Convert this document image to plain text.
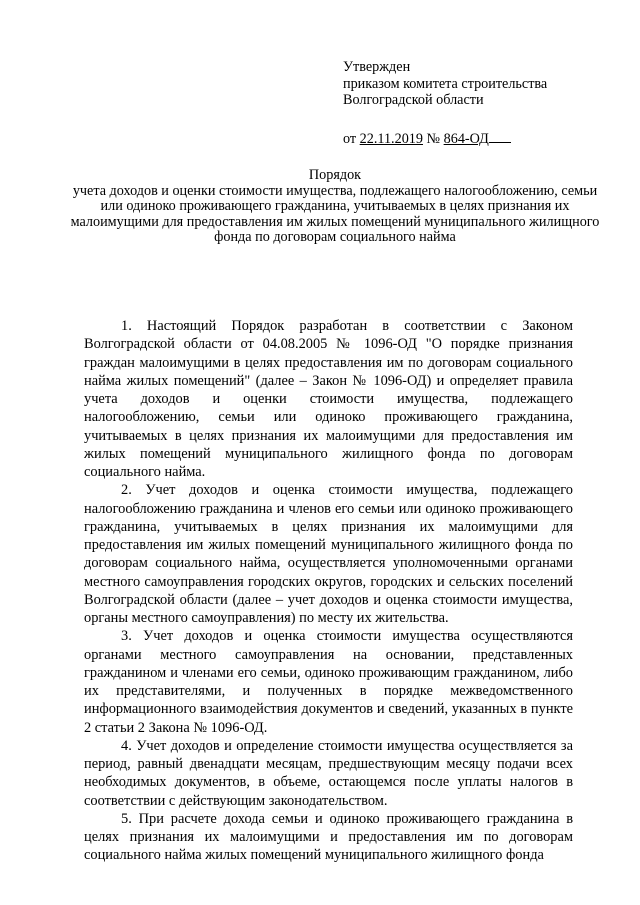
Утвержден
приказом комитета строительства
Волгоградской области
от 22.11.2019 № 864-ОД
Порядок
учета доходов и оценки стоимости имущества, подлежащего налогообложению, семьи или одиноко проживающего гражданина, учитываемых в целях признания их малоимущими для предоставления им жилых помещений муниципального жилищного фонда по договорам социального найма

1. Настоящий Порядок разработан в соответствии с Законом Волгоградской области от 04.08.2005 № 1096-ОД "О порядке признания граждан малоимущими в целях предоставления им по договорам социального найма жилых помещений" (далее – Закон № 1096-ОД) и определяет правила учета доходов и оценки стоимости имущества, подлежащего налогообложению, семьи или одиноко проживающего гражданина, учитываемых в целях признания их малоимущими для предоставления им жилых помещений муниципального жилищного фонда по договорам социального найма.

2. Учет доходов и оценка стоимости имущества, подлежащего налогообложению гражданина и членов его семьи или одиноко проживающего гражданина, учитываемых в целях признания их малоимущими для предоставления им жилых помещений муниципального жилищного фонда по договорам социального найма, осуществляется уполномоченными органами местного самоуправления городских округов, городских и сельских поселений Волгоградской области (далее – учет доходов и оценка стоимости имущества, органы местного самоуправления) по месту их жительства.

3. Учет доходов и оценка стоимости имущества осуществляются органами местного самоуправления на основании, представленных гражданином и членами его семьи, одиноко проживающим гражданином, либо их представителями, и полученных в порядке межведомственного информационного взаимодействия документов и сведений, указанных в пункте 2 статьи 2 Закона № 1096-ОД.

4. Учет доходов и определение стоимости имущества осуществляется за период, равный двенадцати месяцам, предшествующим месяцу подачи всех необходимых документов, в объеме, остающемся после уплаты налогов в соответствии с действующим законодательством.

5. При расчете дохода семьи и одиноко проживающего гражданина в целях признания их малоимущими и предоставления им по договорам социального найма жилых помещений муниципального жилищного фонда
